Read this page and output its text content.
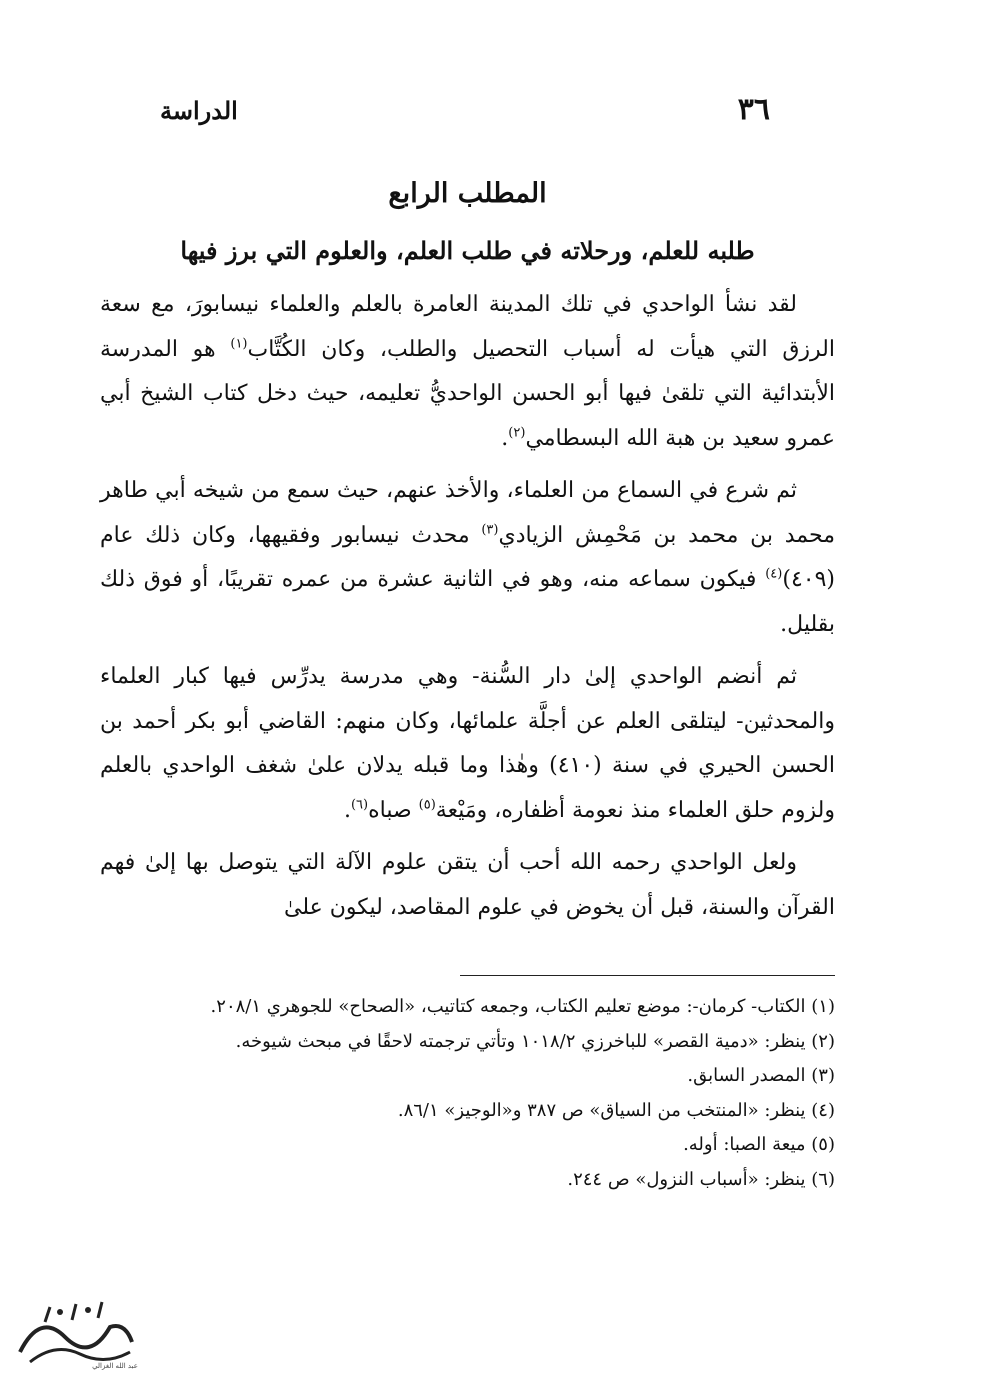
٣٦
الدراسة
المطلب الرابع
طلبه للعلم، ورحلاته في طلب العلم، والعلوم التي برز فيها

لقد نشأ الواحدي في تلك المدينة العامرة بالعلم والعلماء نيسابورَ، مع سعة الرزق التي هيأت له أسباب التحصيل والطلب، وكان الكُتَّاب$^{(١)}$ هو المدرسة الأبتدائية التي تلقىٰ فيها أبو الحسن الواحديُّ تعليمه، حيث دخل كتاب الشيخ أبي عمرو سعيد بن هبة الله البسطامي$^{(٢)}$.

ثم شرع في السماع من العلماء، والأخذ عنهم، حيث سمع من شيخه أبي طاهر محمد بن محمد بن مَحْمِش الزيادي$^{(٣)}$ محدث نيسابور وفقيهها، وكان ذلك عام (٤٠٩)$^{(٤)}$ فيكون سماعه منه، وهو في الثانية عشرة من عمره تقريبًا، أو فوق ذلك بقليل.

ثم أنضم الواحدي إلىٰ دار السُّنة- وهي مدرسة يدرِّس فيها كبار العلماء والمحدثين- ليتلقى العلم عن أجلَّة علمائها، وكان منهم: القاضي أبو بكر أحمد بن الحسن الحيري في سنة (٤١٠) وهٰذا وما قبله يدلان علىٰ شغف الواحدي بالعلم ولزوم حلق العلماء منذ نعومة أظفاره، ومَيْعة$^{(٥)}$ صباه$^{(٦)}$.

ولعل الواحدي رحمه الله أحب أن يتقن علوم الآلة التي يتوصل بها إلىٰ فهم القرآن والسنة، قبل أن يخوض في علوم المقاصد، ليكون علىٰ

(١) الكتاب- كرمان-: موضع تعليم الكتاب، وجمعه كتاتيب، «الصحاح» للجوهري ٢٠٨/١.
(٢) ينظر: «دمية القصر» للباخرزي ١٠١٨/٢ وتأتي ترجمته لاحقًا في مبحث شيوخه.
(٣) المصدر السابق.
(٤) ينظر: «المنتخب من السياق» ص ٣٨٧ و«الوجيز» ٨٦/١.
(٥) ميعة الصبا: أوله.
(٦) ينظر: «أسباب النزول» ص ٢٤٤.
عبد الله الغزالي
